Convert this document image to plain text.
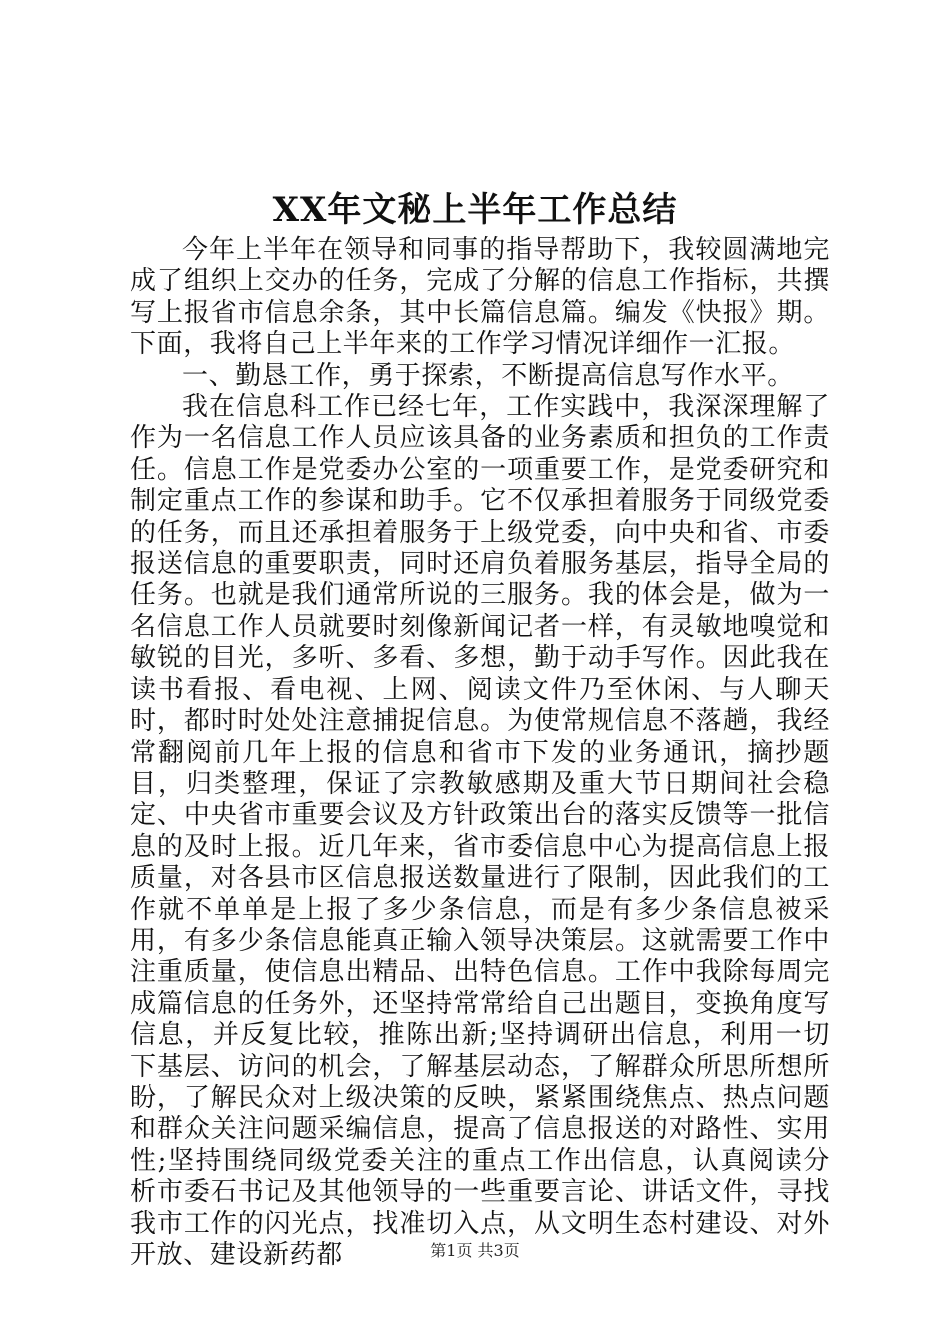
XX年文秘上半年工作总结

今年上半年在领导和同事的指导帮助下，我较圆满地完成了组织上交办的任务，完成了分解的信息工作指标，共撰写上报省市信息余条，其中长篇信息篇。编发《快报》期。下面，我将自己上半年来的工作学习情况详细作一汇报。

一、勤恳工作，勇于探索，不断提高信息写作水平。

我在信息科工作已经七年，工作实践中，我深深理解了作为一名信息工作人员应该具备的业务素质和担负的工作责任。信息工作是党委办公室的一项重要工作，是党委研究和制定重点工作的参谋和助手。它不仅承担着服务于同级党委的任务，而且还承担着服务于上级党委，向中央和省、市委报送信息的重要职责，同时还肩负着服务基层，指导全局的任务。也就是我们通常所说的三服务。我的体会是，做为一名信息工作人员就要时刻像新闻记者一样，有灵敏地嗅觉和敏锐的目光，多听、多看、多想，勤于动手写作。因此我在读书看报、看电视、上网、阅读文件乃至休闲、与人聊天时，都时时处处注意捕捉信息。为使常规信息不落趟，我经常翻阅前几年上报的信息和省市下发的业务通讯，摘抄题目，归类整理，保证了宗教敏感期及重大节日期间社会稳定、中央省市重要会议及方针政策出台的落实反馈等一批信息的及时上报。近几年来，省市委信息中心为提高信息上报质量，对各县市区信息报送数量进行了限制，因此我们的工作就不单单是上报了多少条信息，而是有多少条信息被采用，有多少条信息能真正输入领导决策层。这就需要工作中注重质量，使信息出精品、出特色信息。工作中我除每周完成篇信息的任务外，还坚持常常给自己出题目，变换角度写信息，并反复比较，推陈出新;坚持调研出信息，利用一切下基层、访问的机会，了解基层动态，了解群众所思所想所盼，了解民众对上级决策的反映，紧紧围绕焦点、热点问题和群众关注问题采编信息，提高了信息报送的对路性、实用性;坚持围绕同级党委关注的重点工作出信息，认真阅读分析市委石书记及其他领导的一些重要言论、讲话文件，寻找我市工作的闪光点，找准切入点，从文明生态村建设、对外开放、建设新药都	第1页 共3页
